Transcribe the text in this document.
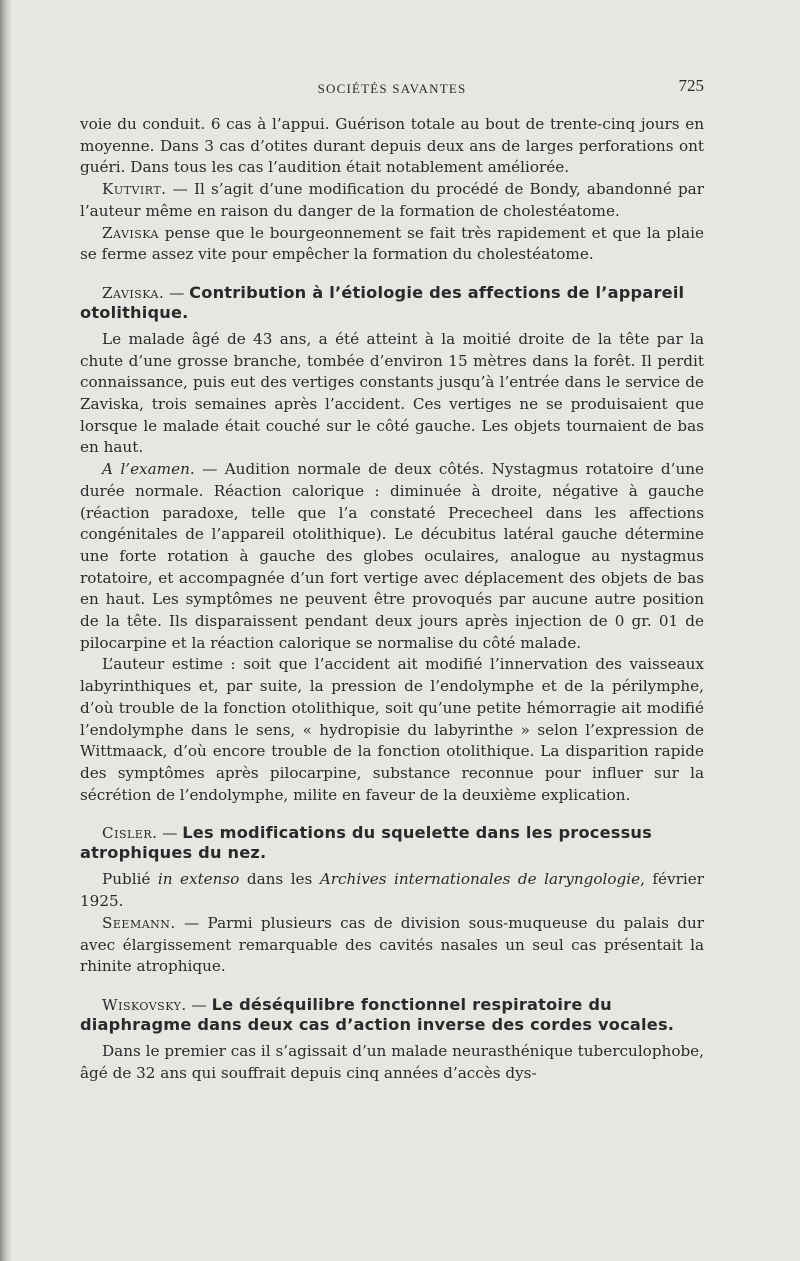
SOCIÉTÉS SAVANTES	725

voie du conduit. 6 cas à l’appui. Guérison totale au bout de trente-cinq jours en moyenne. Dans 3 cas d’otites durant depuis deux ans de larges perforations ont guéri. Dans tous les cas l’audition était notablement améliorée.

Kutvirt. — Il s’agit d’une modification du procédé de Bondy, abandonné par l’auteur même en raison du danger de la formation de cholestéatome.

Zaviska pense que le bourgeonnement se fait très rapidement et que la plaie se ferme assez vite pour empêcher la formation du cholestéatome.

Zaviska. — Contribution à l’étiologie des affections de l’appareil otolithique.

Le malade âgé de 43 ans, a été atteint à la moitié droite de la tête par la chute d’une grosse branche, tombée d’environ 15 mètres dans la forêt. Il perdit connaissance, puis eut des vertiges constants jusqu’à l’entrée dans le service de Zaviska, trois semaines après l’accident. Ces vertiges ne se produisaient que lorsque le malade était couché sur le côté gauche. Les objets tournaient de bas en haut.

A l’examen. — Audition normale de deux côtés. Nystagmus rotatoire d’une durée normale. Réaction calorique : diminuée à droite, négative à gauche (réaction paradoxe, telle que l’a constaté Prececheel dans les affections congénitales de l’appareil otolithique). Le décubitus latéral gauche détermine une forte rotation à gauche des globes oculaires, analogue au nystagmus rotatoire, et accompagnée d’un fort vertige avec déplacement des objets de bas en haut. Les symptômes ne peuvent être provoqués par aucune autre position de la tête. Ils disparaissent pendant deux jours après injection de 0 gr. 01 de pilocarpine et la réaction calorique se normalise du côté malade.

L’auteur estime : soit que l’accident ait modifié l’innervation des vaisseaux labyrinthiques et, par suite, la pression de l’endolymphe et de la périlymphe, d’où trouble de la fonction otolithique, soit qu’une petite hémorragie ait modifié l’endolymphe dans le sens, « hydropisie du labyrinthe » selon l’expression de Wittmaack, d’où encore trouble de la fonction otolithique. La disparition rapide des symptômes après pilocarpine, substance reconnue pour influer sur la sécrétion de l’endolymphe, milite en faveur de la deuxième explication.

Cisler. — Les modifications du squelette dans les processus atrophiques du nez.

Publié in extenso dans les Archives internationales de laryngologie, février 1925.

Seemann. — Parmi plusieurs cas de division sous-muqueuse du palais dur avec élargissement remarquable des cavités nasales un seul cas présentait la rhinite atrophique.

Wiskovsky. — Le déséquilibre fonctionnel respiratoire du diaphragme dans deux cas d’action inverse des cordes vocales.

Dans le premier cas il s’agissait d’un malade neurasthénique tuberculophobe, âgé de 32 ans qui souffrait depuis cinq années d’accès dys-
